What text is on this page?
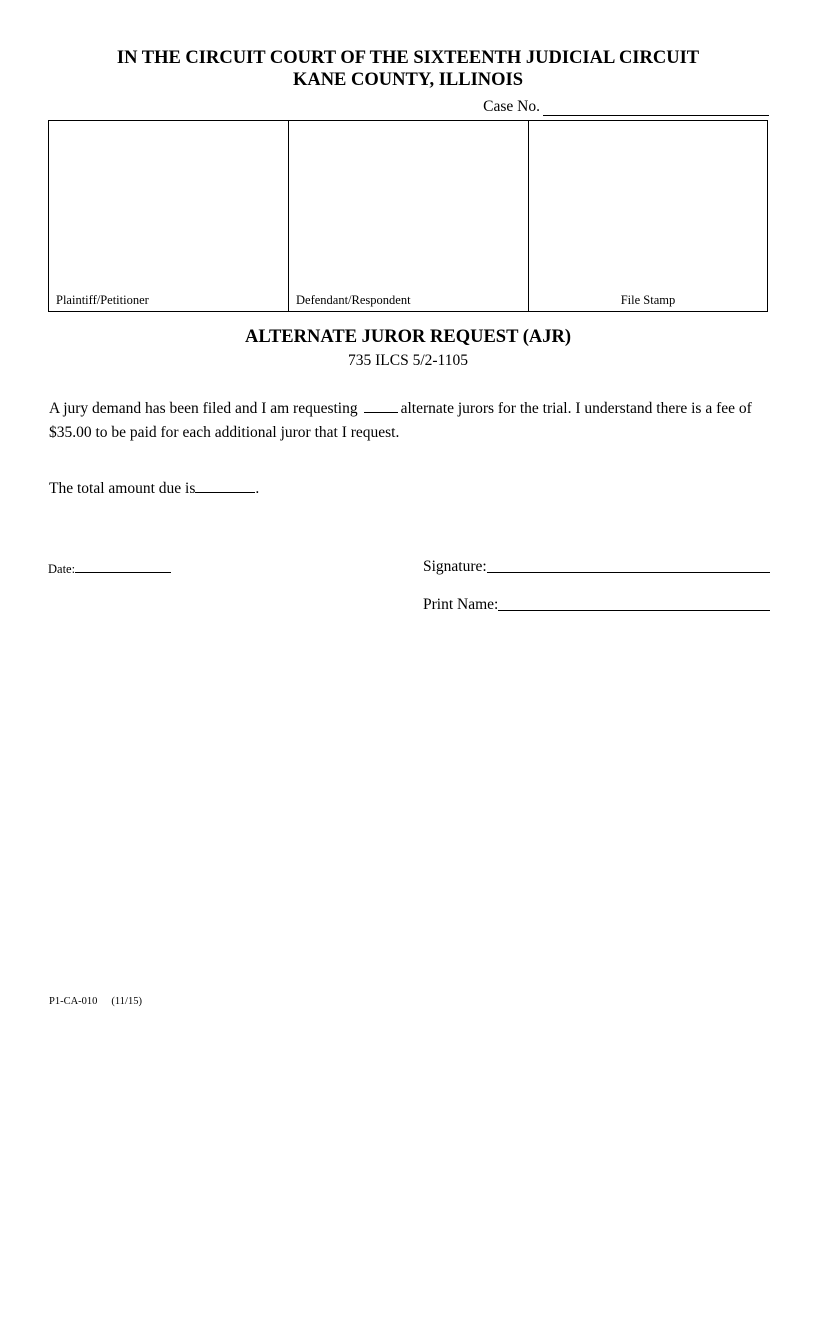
IN THE CIRCUIT COURT OF THE SIXTEENTH JUDICIAL CIRCUIT
KANE COUNTY, ILLINOIS
Case No.
Plaintiff/Petitioner	Defendant/Respondent	File Stamp
ALTERNATE JUROR REQUEST (AJR)
735 ILCS 5/2-1105
A jury demand has been filed and I am requesting	alternate jurors for the trial. I understand there is a fee of $35.00 to be paid for each additional juror that I request.
The total amount due is	.
Date:	Signature:
Print Name:
P1-CA-010 (11/15)
